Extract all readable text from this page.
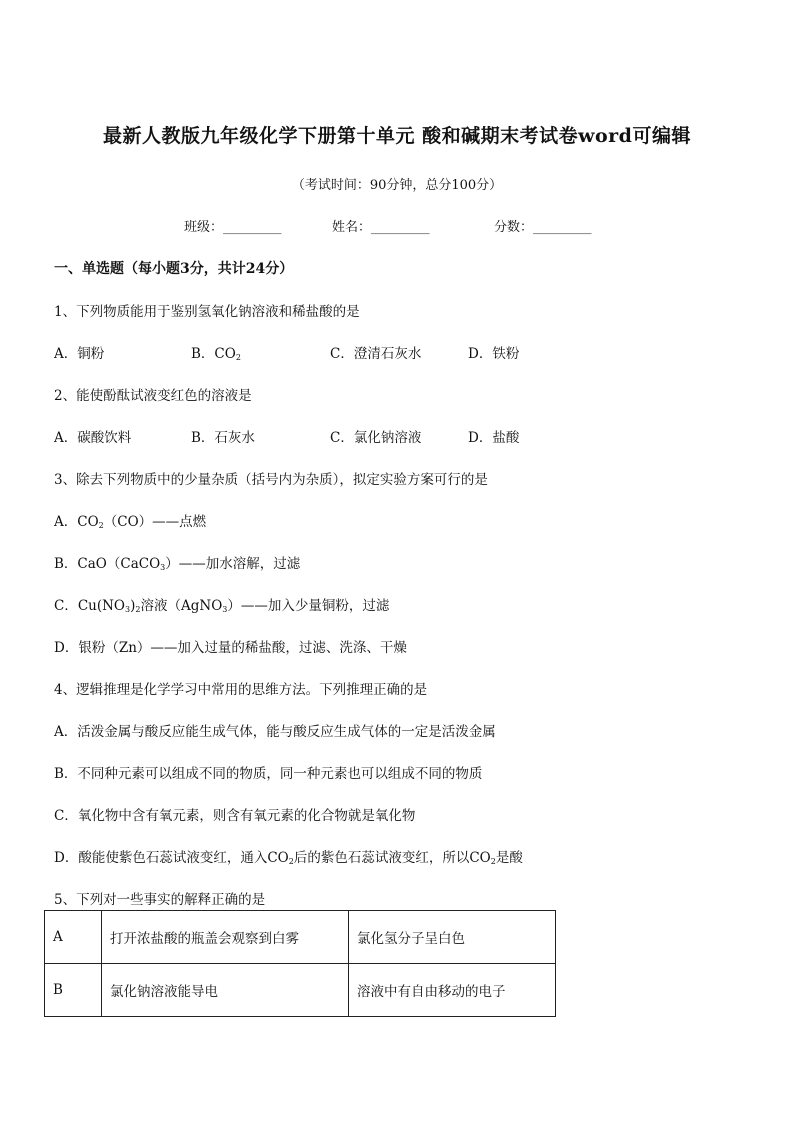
最新人教版九年级化学下册第十单元 酸和碱期末考试卷word可编辑
（考试时间：90分钟，总分100分）
班级：_________	姓名：_________	分数：_________
一、单选题（每小题3分，共计24分）
1、下列物质能用于鉴别氢氧化钠溶液和稀盐酸的是
A．铜粉	B．$CO_2$	C．澄清石灰水	D．铁粉
2、能使酚酞试液变红色的溶液是
A．碳酸饮料	B．石灰水	C．氯化钠溶液	D．盐酸
3、除去下列物质中的少量杂质（括号内为杂质），拟定实验方案可行的是
A．$CO_2(CO)——$点燃
B．CaO（CaCO$_3$）——加水溶解，过滤
C．$Cu(NO_3)_2$溶液（AgNO$_3$）——加入少量铜粉，过滤
D．银粉（Zn）——加入过量的稀盐酸，过滤、洗涤、干燥
4、逻辑推理是化学学习中常用的思维方法。下列推理正确的是
A．活泼金属与酸反应能生成气体，能与酸反应生成气体的一定是活泼金属
B．不同种元素可以组成不同的物质，同一种元素也可以组成不同的物质
C．氧化物中含有氧元素，则含有氧元素的化合物就是氧化物
D．酸能使紫色石蕊试液变红，通入$CO_2$后的紫色石蕊试液变红，所以$CO_2$是酸
5、下列对一些事实的解释正确的是
A	打开浓盐酸的瓶盖会观察到白雾	氯化氢分子呈白色
B	氯化钠溶液能导电	溶液中有自由移动的电子
